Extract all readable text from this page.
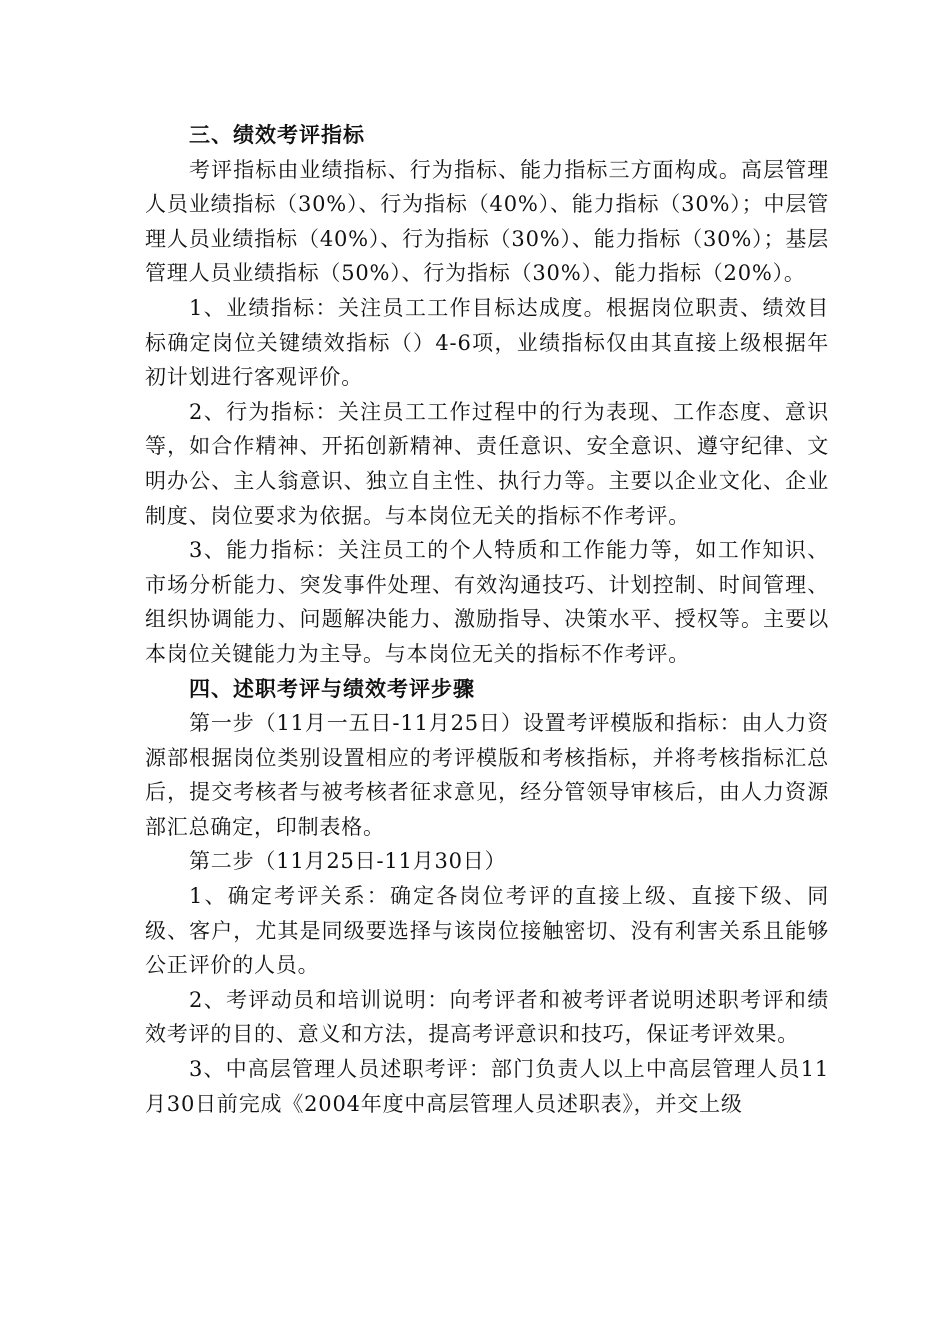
三、绩效考评指标

考评指标由业绩指标、行为指标、能力指标三方面构成。高层管理人员业绩指标（30%）、行为指标（40%）、能力指标（30%）；中层管理人员业绩指标（40%）、行为指标（30%）、能力指标（30%）；基层管理人员业绩指标（50%）、行为指标（30%）、能力指标（20%）。

1、业绩指标：关注员工工作目标达成度。根据岗位职责、绩效目标确定岗位关键绩效指标（）4-6项，业绩指标仅由其直接上级根据年初计划进行客观评价。

2、行为指标：关注员工工作过程中的行为表现、工作态度、意识等，如合作精神、开拓创新精神、责任意识、安全意识、遵守纪律、文明办公、主人翁意识、独立自主性、执行力等。主要以企业文化、企业制度、岗位要求为依据。与本岗位无关的指标不作考评。

3、能力指标：关注员工的个人特质和工作能力等，如工作知识、市场分析能力、突发事件处理、有效沟通技巧、计划控制、时间管理、组织协调能力、问题解决能力、激励指导、决策水平、授权等。主要以本岗位关键能力为主导。与本岗位无关的指标不作考评。

四、述职考评与绩效考评步骤

第一步（11月一五日-11月25日）设置考评模版和指标：由人力资源部根据岗位类别设置相应的考评模版和考核指标，并将考核指标汇总后，提交考核者与被考核者征求意见，经分管领导审核后，由人力资源部汇总确定，印制表格。

第二步（11月25日-11月30日）

1、确定考评关系：确定各岗位考评的直接上级、直接下级、同级、客户，尤其是同级要选择与该岗位接触密切、没有利害关系且能够公正评价的人员。

2、考评动员和培训说明：向考评者和被考评者说明述职考评和绩效考评的目的、意义和方法，提高考评意识和技巧，保证考评效果。

3、中高层管理人员述职考评：部门负责人以上中高层管理人员11月30日前完成《2004年度中高层管理人员述职表》，并交上级
